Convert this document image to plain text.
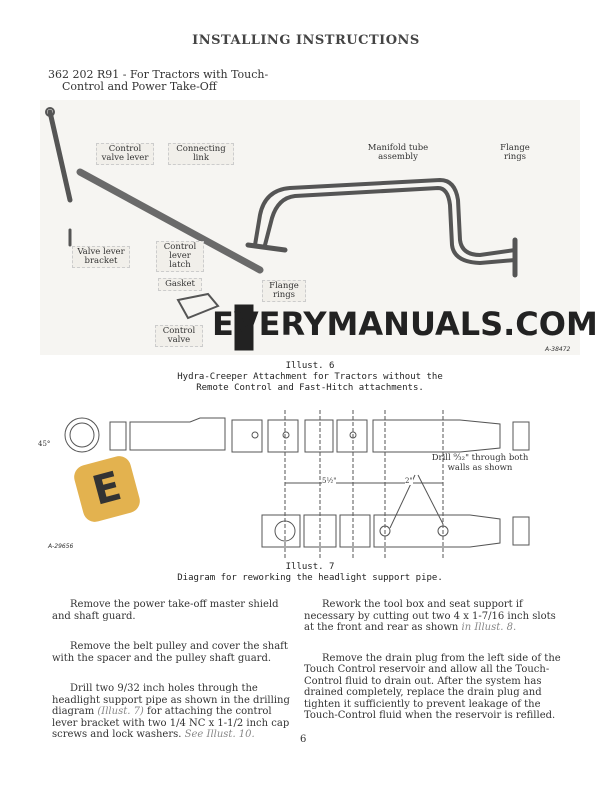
INSTALLING INSTRUCTIONS
362 202 R91 - For Tractors with Touch-
Control and Power Take-Off
Control valve lever
Connecting link
Manifold tube assembly
Flange rings
Valve lever bracket
Control lever latch
Gasket	Flange rings
Control valve
A-38472
EVERYMANUALS.COM
Illust. 6
Hydra-Creeper Attachment for Tractors without the
Remote Control and Fast-Hitch attachments.
Drill ⁹⁄₃₂" through both walls as shown
5½"	2"
45°
A-29656
Illust. 7
Diagram for reworking the headlight support pipe.
E

Remove the power take-off master shield and shaft guard.

Remove the belt pulley and cover the shaft with the spacer and the pulley shaft guard.

Drill two 9/32 inch holes through the headlight support pipe as shown in the drilling diagram (Illust. 7) for attaching the control lever bracket with two 1/4 NC x 1-1/2 inch cap screws and lock washers. See Illust. 10.

Rework the tool box and seat support if necessary by cutting out two 4 x 1-7/16 inch slots at the front and rear as shown in Illust. 8.

Remove the drain plug from the left side of the Touch Control reservoir and allow all the Touch-Control fluid to drain out. After the system has drained completely, replace the drain plug and tighten it sufficiently to prevent leakage of the Touch-Control fluid when the reservoir is refilled.

6
